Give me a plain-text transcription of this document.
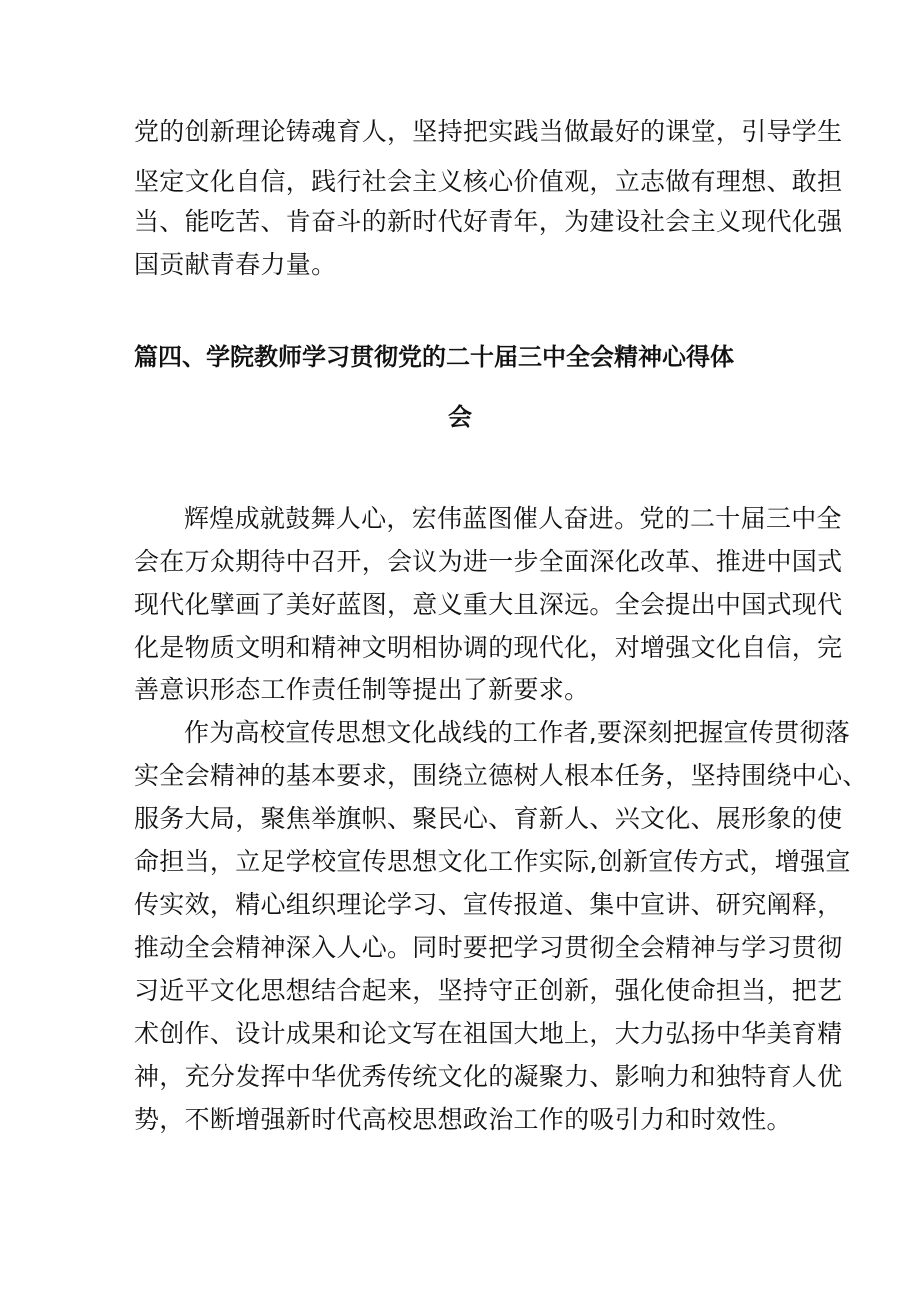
党的创新理论铸魂育人，坚持把实践当做最好的课堂，引导学生
坚定文化自信，践行社会主义核心价值观，立志做有理想、敢担
当、能吃苦、肯奋斗的新时代好青年，为建设社会主义现代化强
国贡献青春力量。
篇四、学院教师学习贯彻党的二十届三中全会精神心得体
会
辉煌成就鼓舞人心，宏伟蓝图催人奋进。党的二十届三中全
会在万众期待中召开，会议为进一步全面深化改革、推进中国式
现代化擘画了美好蓝图，意义重大且深远。全会提出中国式现代
化是物质文明和精神文明相协调的现代化，对增强文化自信，完
善意识形态工作责任制等提出了新要求。
作为高校宣传思想文化战线的工作者,要深刻把握宣传贯彻落
实全会精神的基本要求，围绕立德树人根本任务，坚持围绕中心、
服务大局，聚焦举旗帜、聚民心、育新人、兴文化、展形象的使
命担当，立足学校宣传思想文化工作实际,创新宣传方式，增强宣
传实效，精心组织理论学习、宣传报道、集中宣讲、研究阐释，
推动全会精神深入人心。同时要把学习贯彻全会精神与学习贯彻
习近平文化思想结合起来，坚持守正创新，强化使命担当，把艺
术创作、设计成果和论文写在祖国大地上，大力弘扬中华美育精
神，充分发挥中华优秀传统文化的凝聚力、影响力和独特育人优
势，不断增强新时代高校思想政治工作的吸引力和时效性。
